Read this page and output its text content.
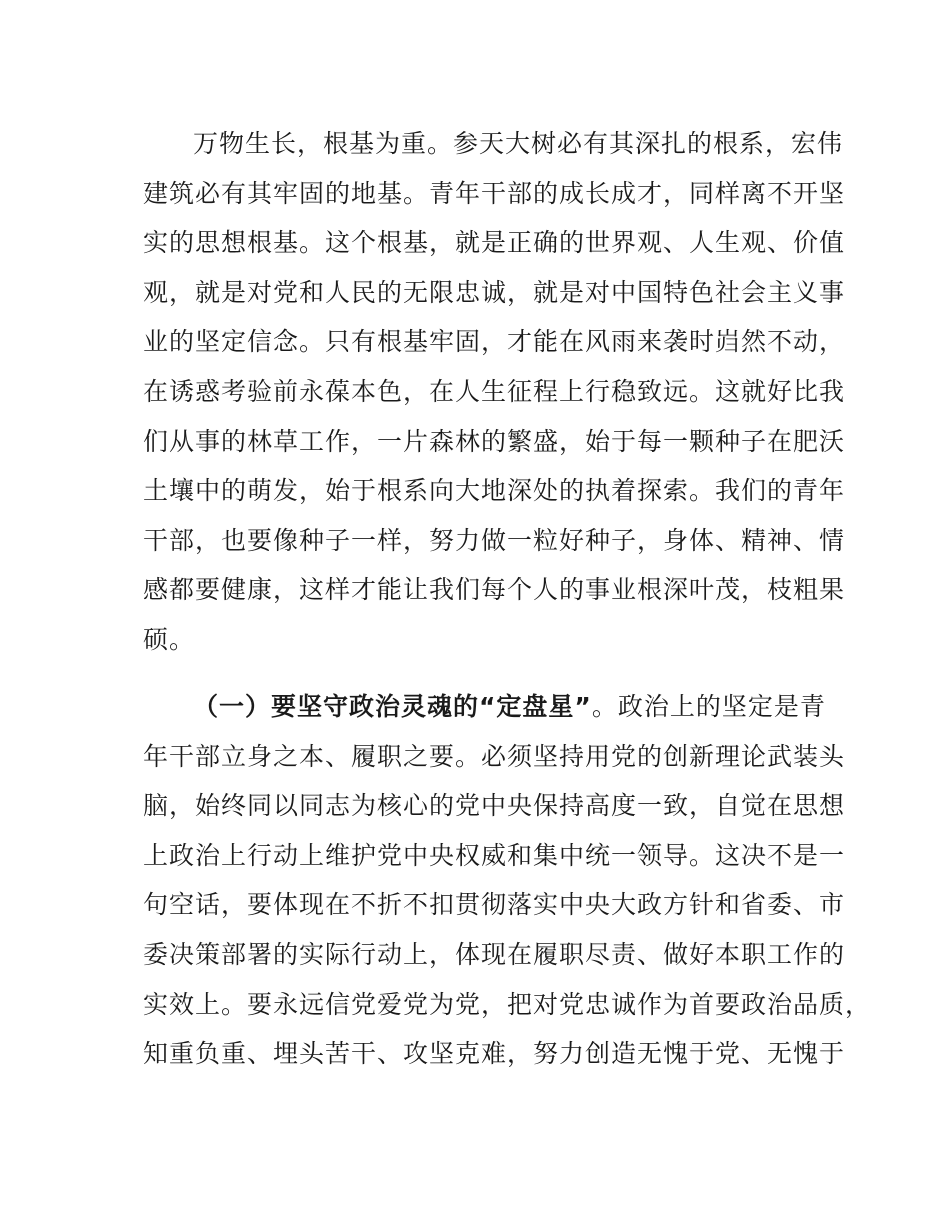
万物生长，根基为重。参天大树必有其深扎的根系，宏伟
建筑必有其牢固的地基。青年干部的成长成才，同样离不开坚
实的思想根基。这个根基，就是正确的世界观、人生观、价值
观，就是对党和人民的无限忠诚，就是对中国特色社会主义事
业的坚定信念。只有根基牢固，才能在风雨来袭时岿然不动，
在诱惑考验前永葆本色，在人生征程上行稳致远。这就好比我
们从事的林草工作，一片森林的繁盛，始于每一颗种子在肥沃
土壤中的萌发，始于根系向大地深处的执着探索。我们的青年
干部，也要像种子一样，努力做一粒好种子，身体、精神、情
感都要健康，这样才能让我们每个人的事业根深叶茂，枝粗果
硕。
（一）要坚守政治灵魂的“定盘星”。政治上的坚定是青
年干部立身之本、履职之要。必须坚持用党的创新理论武装头
脑，始终同以同志为核心的党中央保持高度一致，自觉在思想
上政治上行动上维护党中央权威和集中统一领导。这决不是一
句空话，要体现在不折不扣贯彻落实中央大政方针和省委、市
委决策部署的实际行动上，体现在履职尽责、做好本职工作的
实效上。要永远信党爱党为党，把对党忠诚作为首要政治品质，
知重负重、埋头苦干、攻坚克难，努力创造无愧于党、无愧于
